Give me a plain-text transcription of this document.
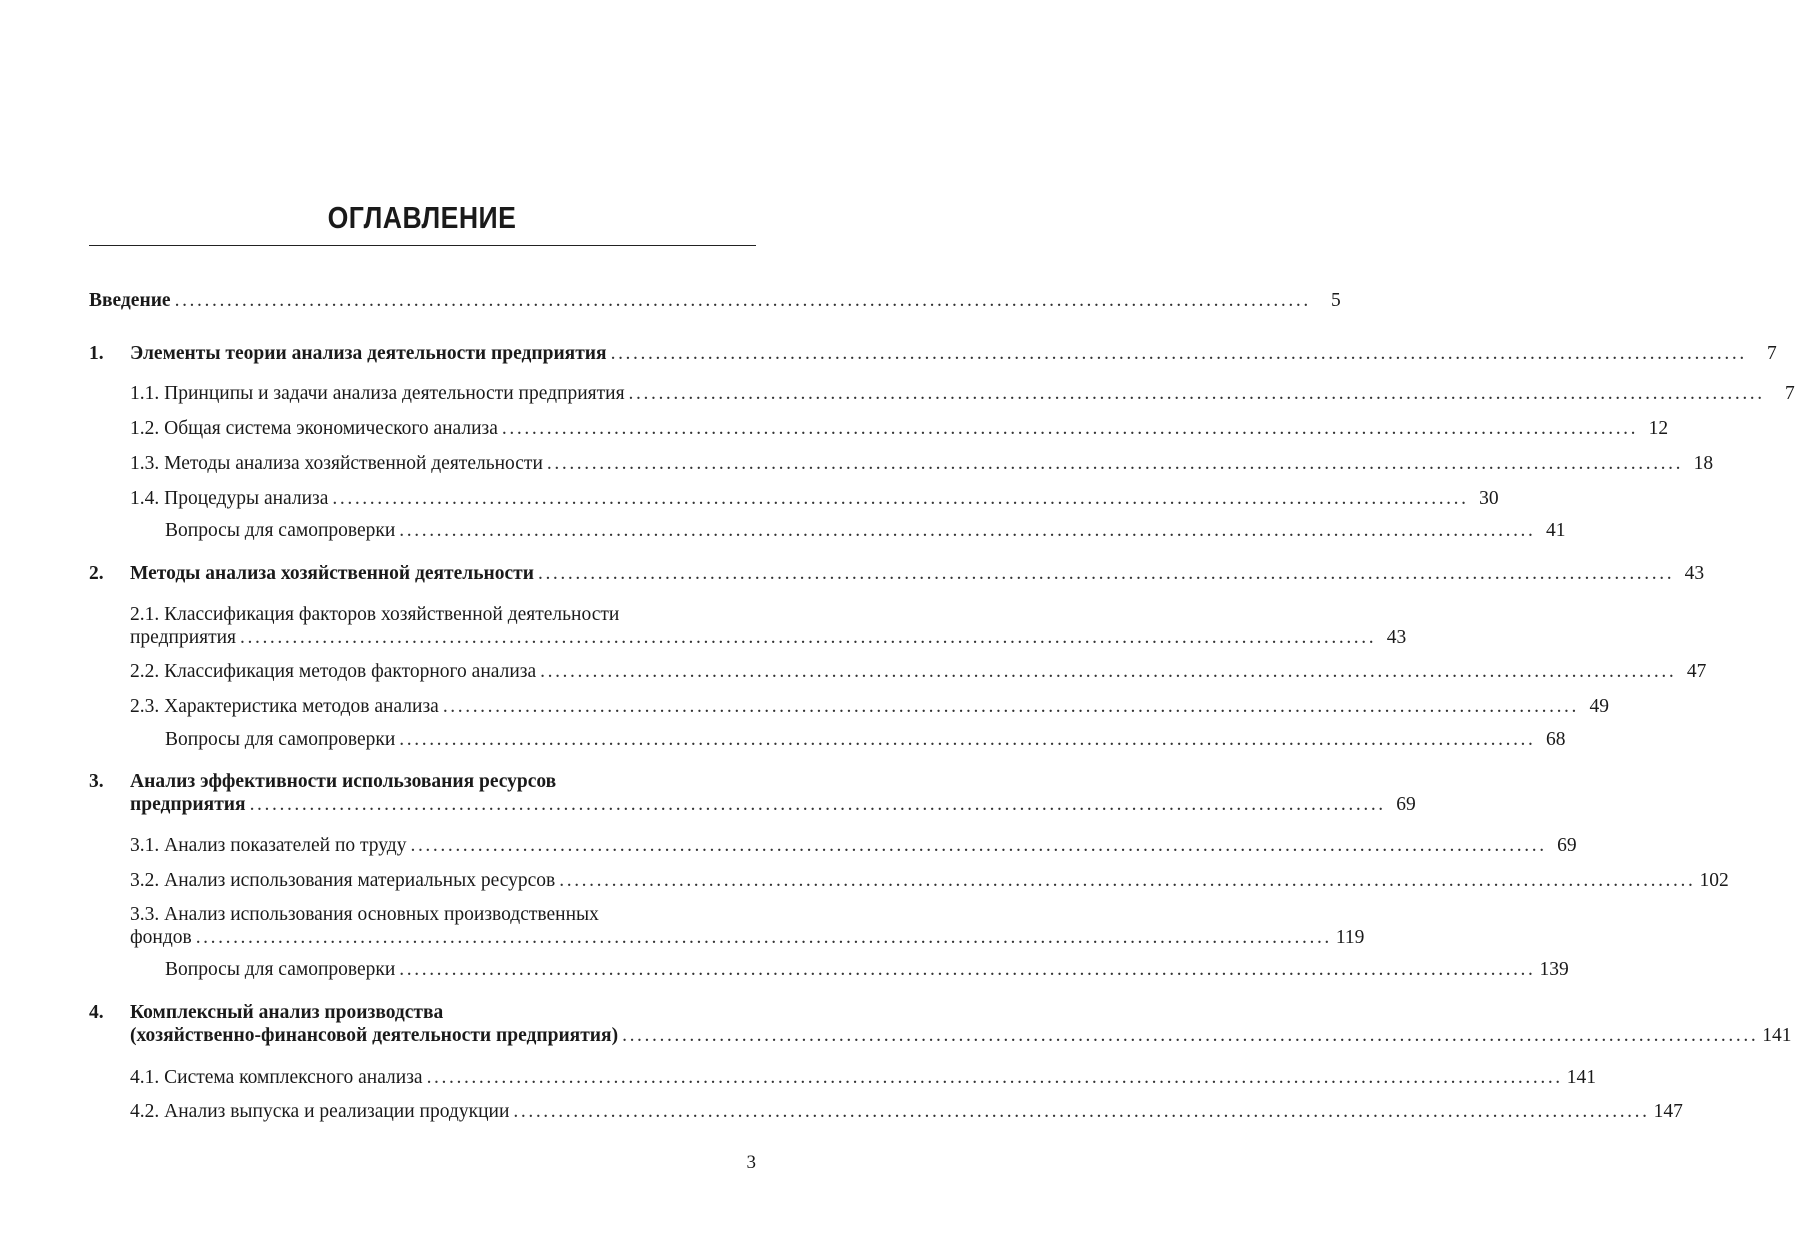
ОГЛАВЛЕНИЕ
Введение ........................................................................................................................................................	5
1.	Элементы теории анализа деятельности предприятия ........................................................................................................................................................	7
1.1. Принципы и задачи анализа деятельности предприятия ........................................................................................................................................................	7
1.2. Общая система экономического анализа ........................................................................................................................................................ 12
1.3. Методы анализа хозяйственной деятельности ........................................................................................................................................................ 18
1.4. Процедуры анализа ........................................................................................................................................................ 30
Вопросы для самопроверки ........................................................................................................................................................ 41
2.	Методы анализа хозяйственной деятельности ........................................................................................................................................................ 43
2.1. Классификация факторов хозяйственной деятельности
предприятия ........................................................................................................................................................ 43
2.2. Классификация методов факторного анализа ........................................................................................................................................................ 47
2.3. Характеристика методов анализа ........................................................................................................................................................ 49
Вопросы для самопроверки ........................................................................................................................................................ 68
3.	Анализ эффективности использования ресурсов
предприятия ........................................................................................................................................................ 69
3.1. Анализ показателей по труду ........................................................................................................................................................ 69
3.2. Анализ использования материальных ресурсов ........................................................................................................................................................ 102
3.3. Анализ использования основных производственных
фондов ........................................................................................................................................................ 119
Вопросы для самопроверки ........................................................................................................................................................ 139
4.	Комплексный анализ производства
(хозяйственно-финансовой деятельности предприятия) ........................................................................................................................................................ 141
4.1. Система комплексного анализа ........................................................................................................................................................ 141
4.2. Анализ выпуска и реализации продукции ........................................................................................................................................................ 147
3
